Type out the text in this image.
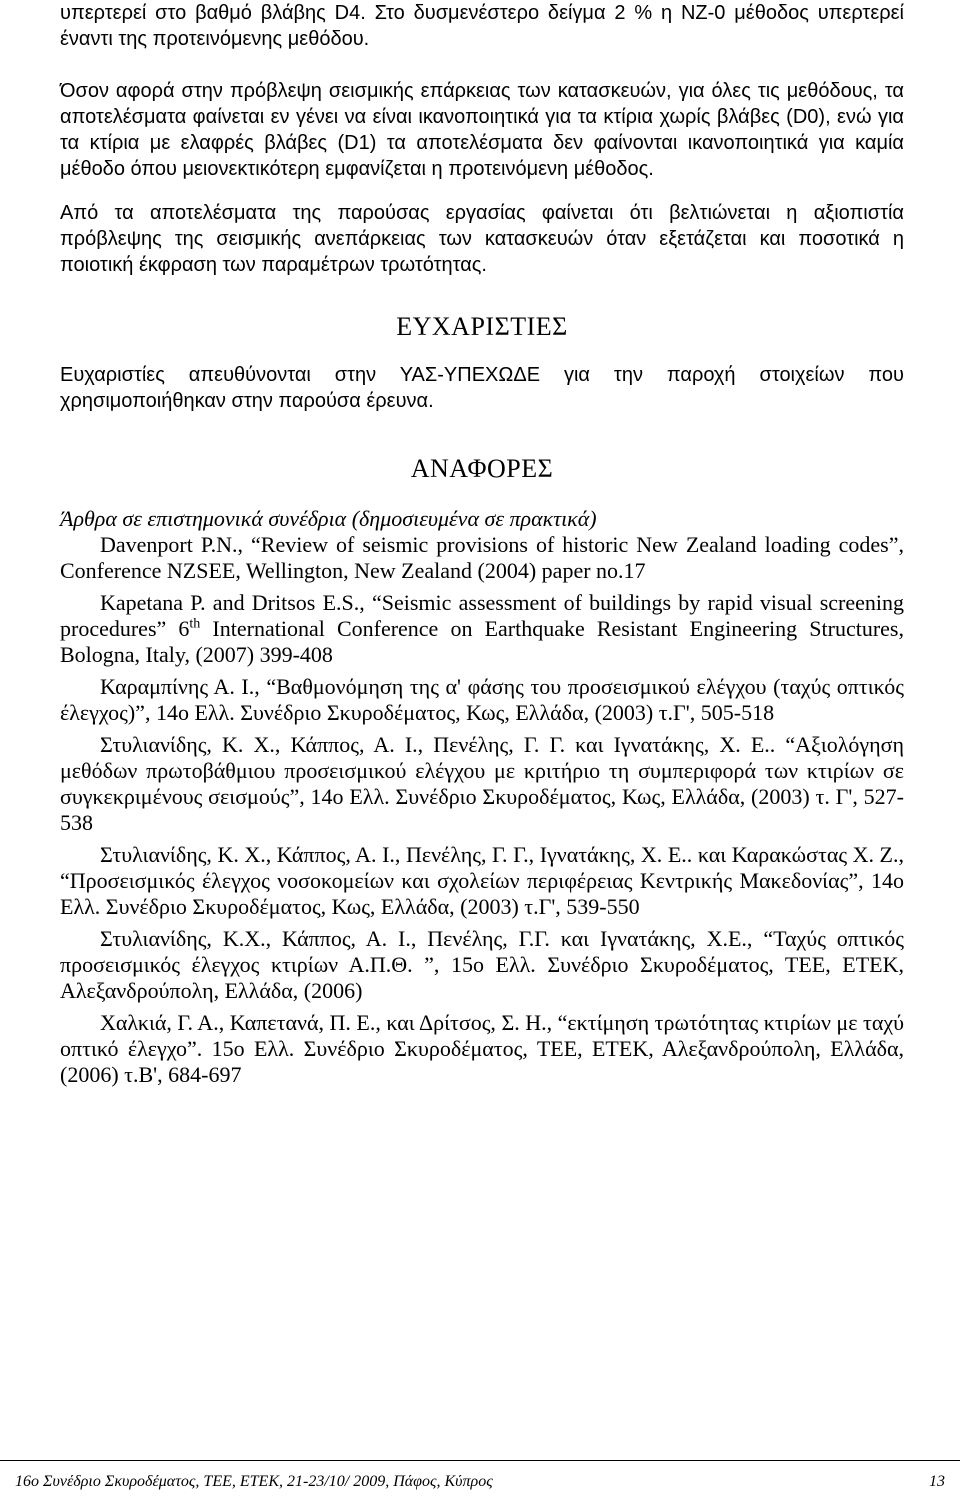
υπερτερεί στο βαθμό βλάβης D4. Στο δυσμενέστερο δείγμα 2 % η ΝΖ-0 μέθοδος υπερτερεί έναντι της προτεινόμενης μεθόδου.

Όσον αφορά στην πρόβλεψη σεισμικής επάρκειας των κατασκευών, για όλες τις μεθόδους, τα αποτελέσματα φαίνεται εν γένει να είναι ικανοποιητικά για τα κτίρια χωρίς βλάβες (D0), ενώ για τα κτίρια με ελαφρές βλάβες (D1) τα αποτελέσματα δεν φαίνονται ικανοποιητικά για καμία μέθοδο όπου μειονεκτικότερη εμφανίζεται η προτεινόμενη μέθοδος.

Από τα αποτελέσματα της παρούσας εργασίας φαίνεται ότι βελτιώνεται η αξιοπιστία πρόβλεψης της σεισμικής ανεπάρκειας των κατασκευών όταν εξετάζεται και ποσοτικά η ποιοτική έκφραση των παραμέτρων τρωτότητας.

ΕΥΧΑΡΙΣΤΙΕΣ

Ευχαριστίες απευθύνονται στην ΥΑΣ-ΥΠΕΧΩΔΕ για την παροχή στοιχείων που χρησιμοποιήθηκαν στην παρούσα έρευνα.

ΑΝΑΦΟΡΕΣ

Άρθρα σε επιστημονικά συνέδρια (δημοσιευμένα σε πρακτικά)

Davenport P.N., “Review of seismic provisions of historic New Zealand loading codes”, Conference NZSEE, Wellington, New Zealand (2004) paper no.17

Kapetana P. and Dritsos E.S., “Seismic assessment of buildings by rapid visual screening procedures” 6th International Conference on Earthquake Resistant Engineering Structures, Bologna, Italy, (2007) 399-408

Καραμπίνης Α. Ι., “Βαθμονόμηση της α' φάσης του προσεισμικού ελέγχου (ταχύς οπτικός έλεγχος)”, 14ο Ελλ. Συνέδριο Σκυροδέματος, Κως, Ελλάδα, (2003) τ.Γ', 505-518

Στυλιανίδης, Κ. Χ., Κάππος, Α. Ι., Πενέλης, Γ. Γ. και Ιγνατάκης, Χ. Ε.. “Αξιολόγηση μεθόδων πρωτοβάθμιου προσεισμικού ελέγχου με κριτήριο τη συμπεριφορά των κτιρίων σε συγκεκριμένους σεισμούς”, 14ο Ελλ. Συνέδριο Σκυροδέματος, Κως, Ελλάδα, (2003) τ. Γ', 527-538

Στυλιανίδης, Κ. Χ., Κάππος, Α. Ι., Πενέλης, Γ. Γ., Ιγνατάκης, Χ. Ε.. και Καρακώστας Χ. Ζ., “Προσεισμικός έλεγχος νοσοκομείων και σχολείων περιφέρειας Κεντρικής Μακεδονίας”, 14ο Ελλ. Συνέδριο Σκυροδέματος, Κως, Ελλάδα, (2003) τ.Γ', 539-550

Στυλιανίδης, Κ.Χ., Κάππος, Α. Ι., Πενέλης, Γ.Γ. και Ιγνατάκης, Χ.Ε., “Ταχύς οπτικός προσεισμικός έλεγχος κτιρίων Α.Π.Θ. ”, 15ο Ελλ. Συνέδριο Σκυροδέματος, ΤΕΕ, ΕΤΕΚ, Αλεξανδρούπολη, Ελλάδα, (2006)

Χαλκιά, Γ. Α., Καπετανά, Π. Ε., και Δρίτσος, Σ. Η., “εκτίμηση τρωτότητας κτιρίων με ταχύ οπτικό έλεγχο”. 15ο Ελλ. Συνέδριο Σκυροδέματος, ΤΕΕ, ΕΤΕΚ, Αλεξανδρούπολη, Ελλάδα, (2006) τ.Β', 684-697

16ο Συνέδριο Σκυροδέματος, ΤΕΕ, ΕΤΕΚ, 21-23/10/ 2009, Πάφος, Κύπρος	13
